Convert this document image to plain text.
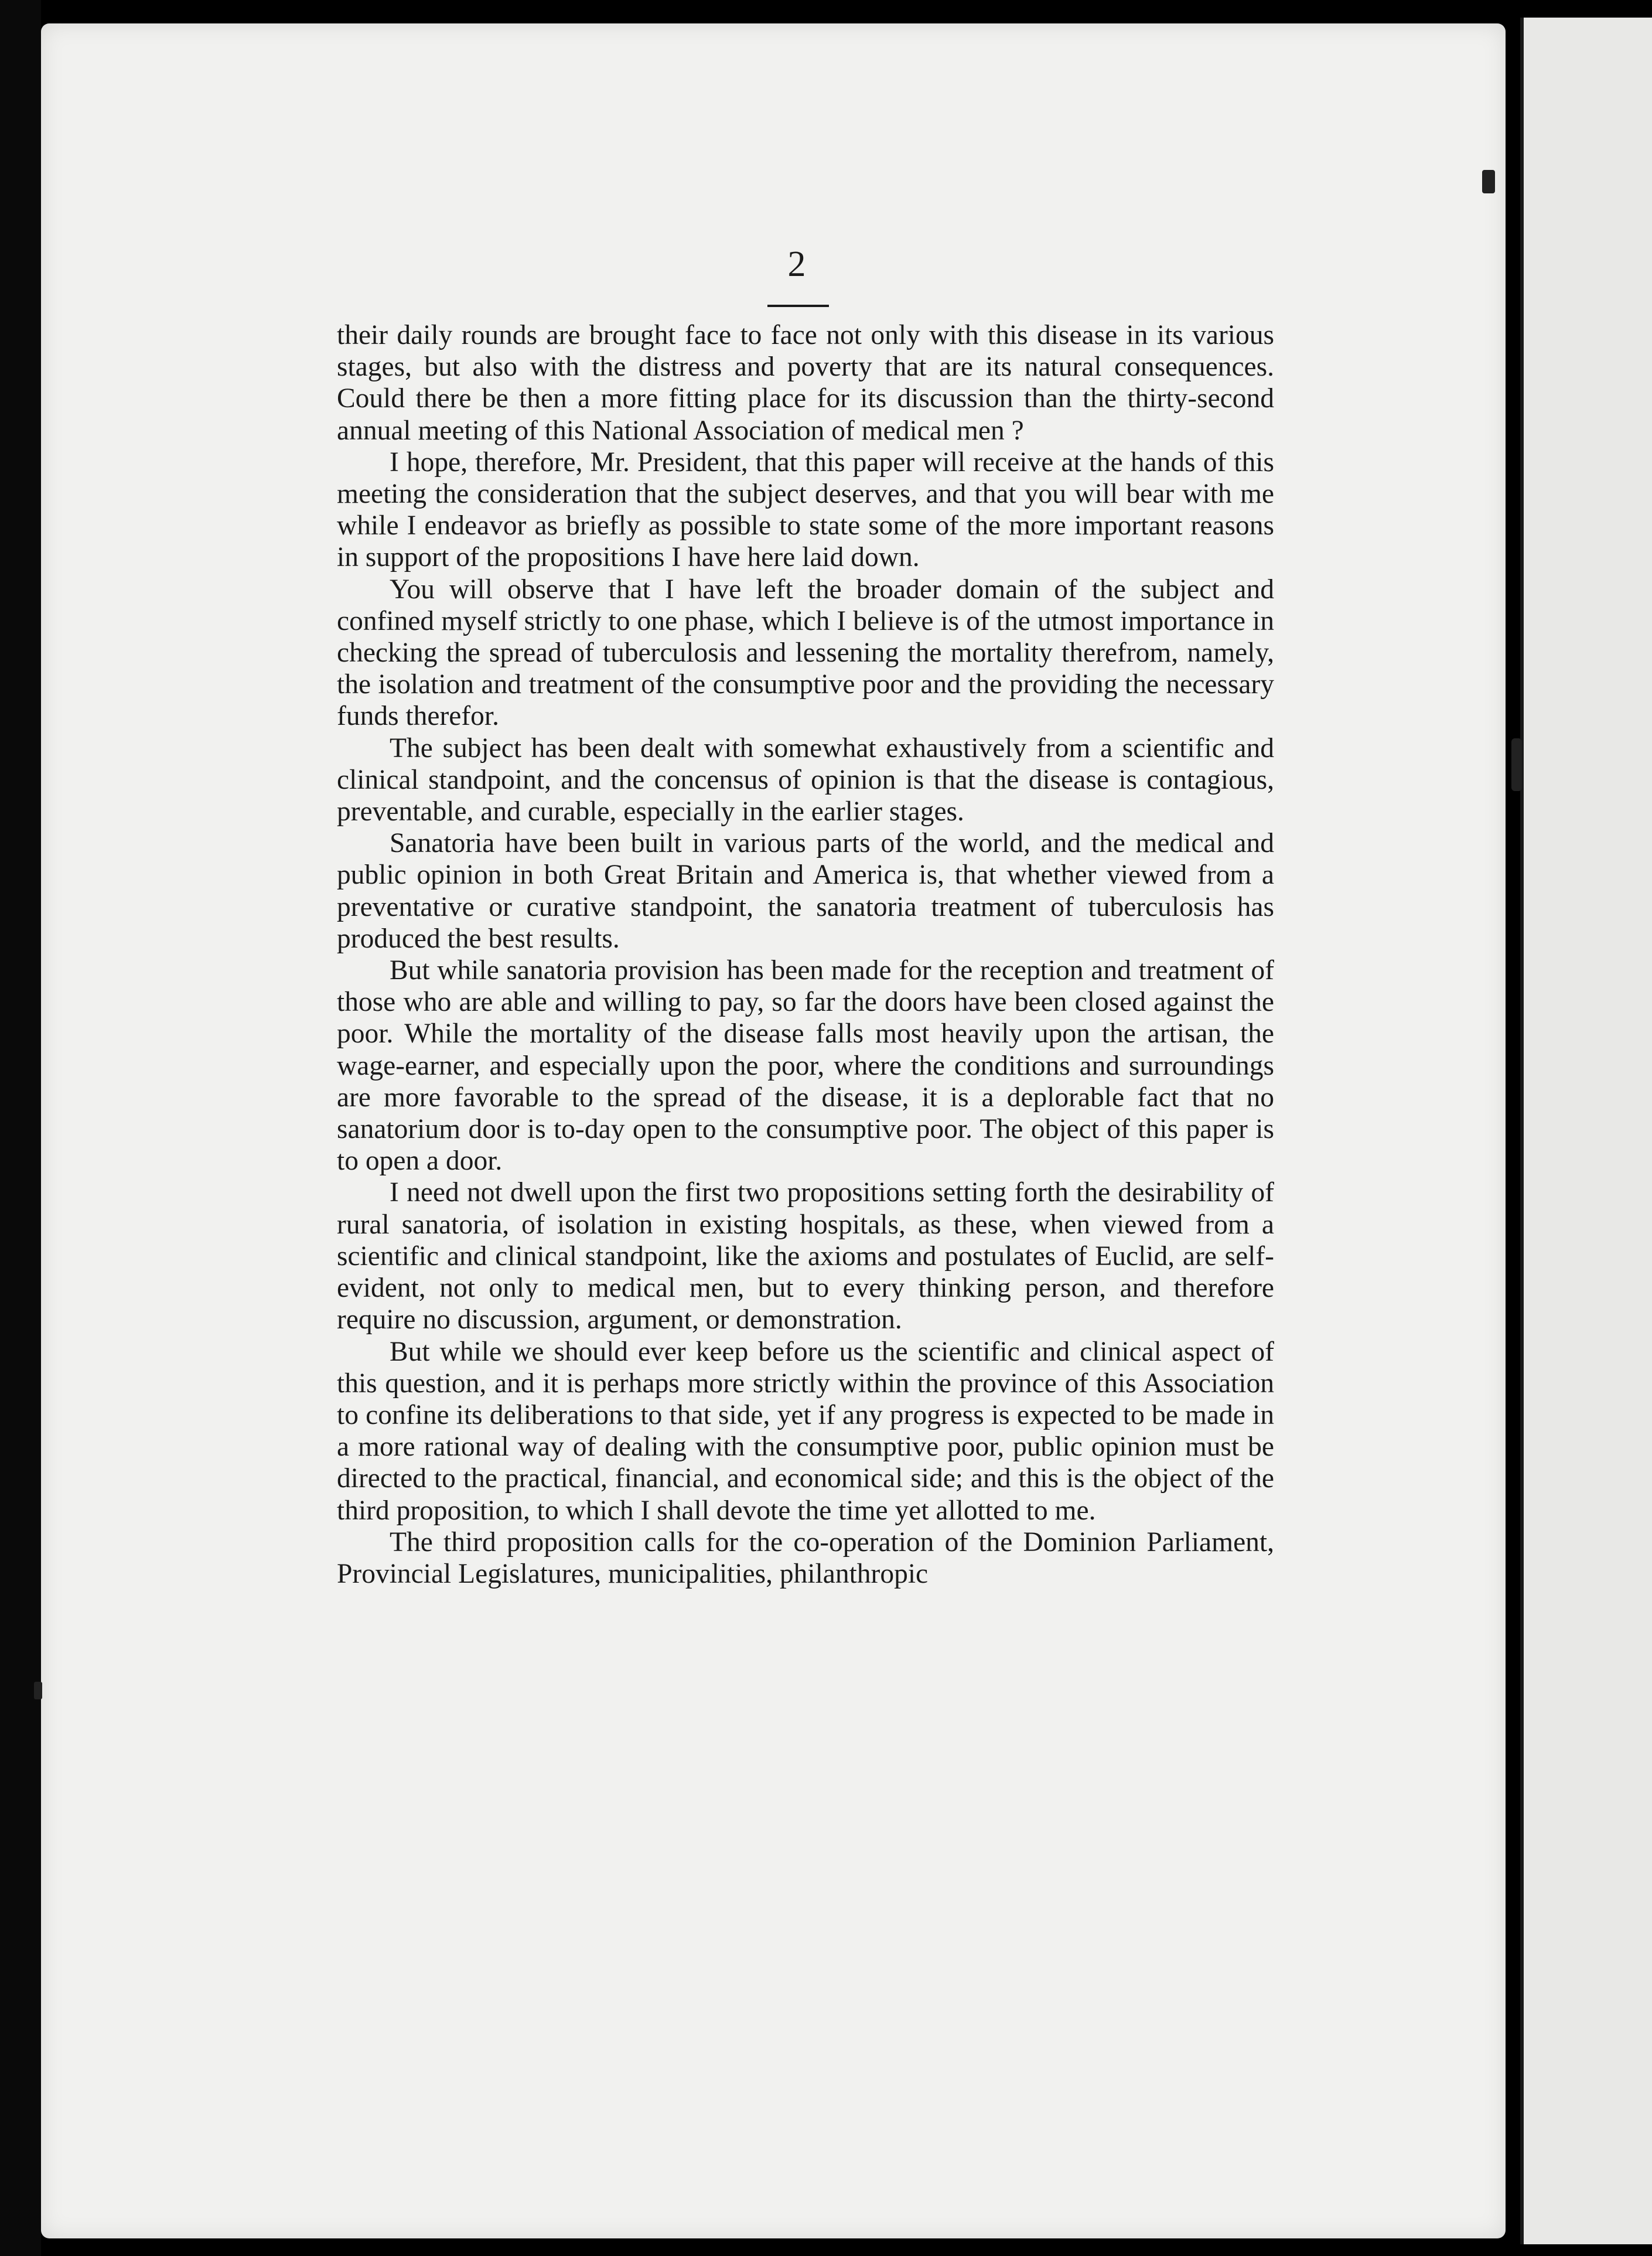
2

their daily rounds are brought face to face not only with this disease in its various stages, but also with the distress and poverty that are its natural consequences. Could there be then a more fitting place for its discussion than the thirty-second annual meeting of this National Association of medical men ?

I hope, therefore, Mr. President, that this paper will receive at the hands of this meeting the consideration that the subject deserves, and that you will bear with me while I endeavor as briefly as possible to state some of the more important reasons in support of the propositions I have here laid down.

You will observe that I have left the broader domain of the subject and confined myself strictly to one phase, which I believe is of the utmost importance in checking the spread of tuberculosis and lessening the mortality therefrom, namely, the isolation and treatment of the consumptive poor and the providing the necessary funds therefor.

The subject has been dealt with somewhat exhaustively from a scientific and clinical standpoint, and the concensus of opinion is that the disease is contagious, preventable, and curable, especially in the earlier stages.

Sanatoria have been built in various parts of the world, and the medical and public opinion in both Great Britain and America is, that whether viewed from a preventative or curative standpoint, the sanatoria treatment of tuberculosis has produced the best results.

But while sanatoria provision has been made for the reception and treatment of those who are able and willing to pay, so far the doors have been closed against the poor. While the mortality of the disease falls most heavily upon the artisan, the wage-earner, and especially upon the poor, where the conditions and surroundings are more favorable to the spread of the disease, it is a deplorable fact that no sanatorium door is to-day open to the consumptive poor. The object of this paper is to open a door.

I need not dwell upon the first two propositions setting forth the desirability of rural sanatoria, of isolation in existing hospitals, as these, when viewed from a scientific and clinical standpoint, like the axioms and postulates of Euclid, are self-evident, not only to medical men, but to every thinking person, and therefore require no discussion, argument, or demonstration.

But while we should ever keep before us the scientific and clinical aspect of this question, and it is perhaps more strictly within the province of this Association to confine its deliberations to that side, yet if any progress is expected to be made in a more rational way of dealing with the consumptive poor, public opinion must be directed to the practical, financial, and economical side; and this is the object of the third proposition, to which I shall devote the time yet allotted to me.

The third proposition calls for the co-operation of the Dominion Parliament, Provincial Legislatures, municipalities, philanthropic
